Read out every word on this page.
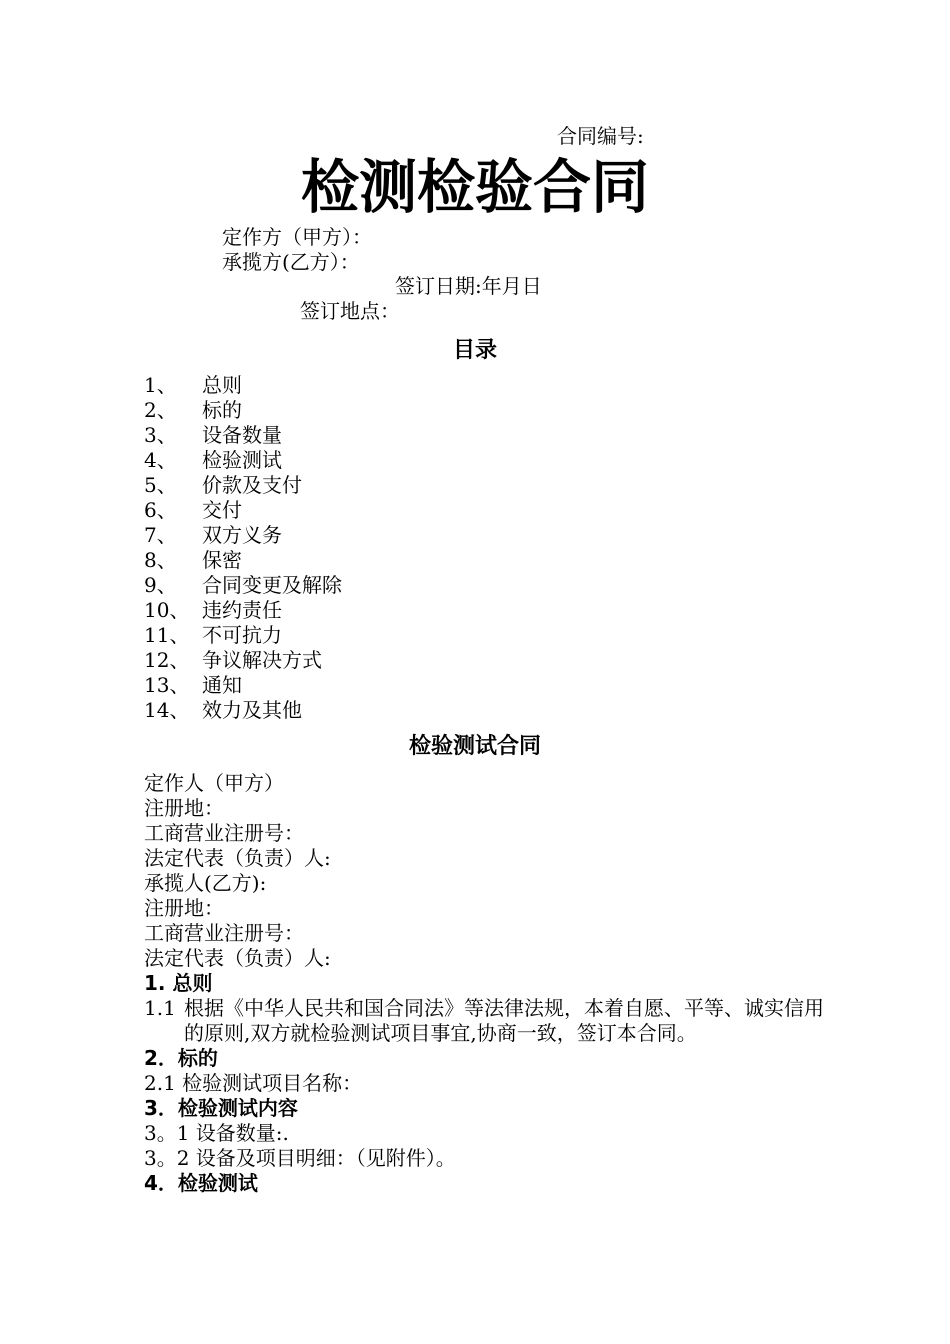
合同编号:
检测检验合同
定作方（甲方）：
承揽方(乙方）：
签订日期:年月日
签订地点：
目录
1、	总则
2、	标的
3、	设备数量
4、	检验测试
5、	价款及支付
6、	交付
7、	双方义务
8、	保密
9、	合同变更及解除
10、 违约责任
11、 不可抗力
12、 争议解决方式
13、 通知
14、 效力及其他
检验测试合同
定作人（甲方）
注册地：
工商营业注册号：
法定代表（负责）人:
承揽人(乙方):
注册地：
工商营业注册号：
法定代表（负责）人:
1. 总则
1.1 根据《中华人民共和国合同法》等法律法规，本着自愿、平等、诚实信用的原则,双方就检验测试项目事宜,协商一致，签订本合同。
2．标的
2.1 检验测试项目名称：
3．检验测试内容
3。1 设备数量:.
3。2 设备及项目明细：（见附件）。
4．检验测试
